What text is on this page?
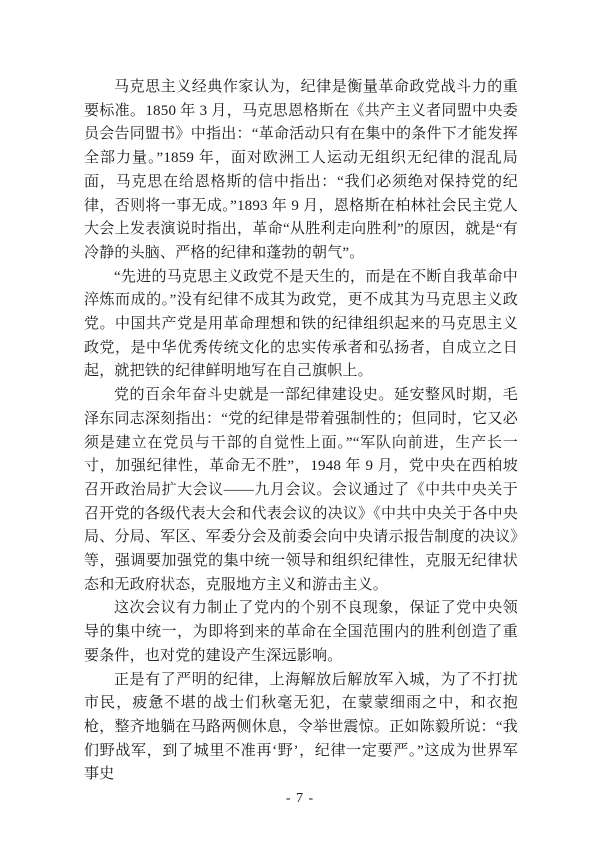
马克思主义经典作家认为，纪律是衡量革命政党战斗力的重要标准。1850 年 3 月，马克思恩格斯在《共产主义者同盟中央委员会告同盟书》中指出：“革命活动只有在集中的条件下才能发挥全部力量。”1859 年，面对欧洲工人运动无组织无纪律的混乱局面，马克思在给恩格斯的信中指出：“我们必须绝对保持党的纪律，否则将一事无成。”1893 年 9 月，恩格斯在柏林社会民主党人大会上发表演说时指出，革命“从胜利走向胜利”的原因，就是“有冷静的头脑、严格的纪律和蓬勃的朝气”。

“先进的马克思主义政党不是天生的，而是在不断自我革命中淬炼而成的。”没有纪律不成其为政党，更不成其为马克思主义政党。中国共产党是用革命理想和铁的纪律组织起来的马克思主义政党，是中华优秀传统文化的忠实传承者和弘扬者，自成立之日起，就把铁的纪律鲜明地写在自己旗帜上。

党的百余年奋斗史就是一部纪律建设史。延安整风时期，毛泽东同志深刻指出：“党的纪律是带着强制性的；但同时，它又必须是建立在党员与干部的自觉性上面。”“军队向前进，生产长一寸，加强纪律性，革命无不胜”，1948 年 9 月，党中央在西柏坡召开政治局扩大会议——九月会议。会议通过了《中共中央关于召开党的各级代表大会和代表会议的决议》《中共中央关于各中央局、分局、军区、军委分会及前委会向中央请示报告制度的决议》等，强调要加强党的集中统一领导和组织纪律性，克服无纪律状态和无政府状态，克服地方主义和游击主义。

这次会议有力制止了党内的个别不良现象，保证了党中央领导的集中统一，为即将到来的革命在全国范围内的胜利创造了重要条件，也对党的建设产生深远影响。

正是有了严明的纪律，上海解放后解放军入城，为了不打扰市民，疲惫不堪的战士们秋毫无犯，在蒙蒙细雨之中，和衣抱枪，整齐地躺在马路两侧休息，令举世震惊。正如陈毅所说：“我们野战军，到了城里不准再‘野’，纪律一定要严。”这成为世界军事史

- 7 -
